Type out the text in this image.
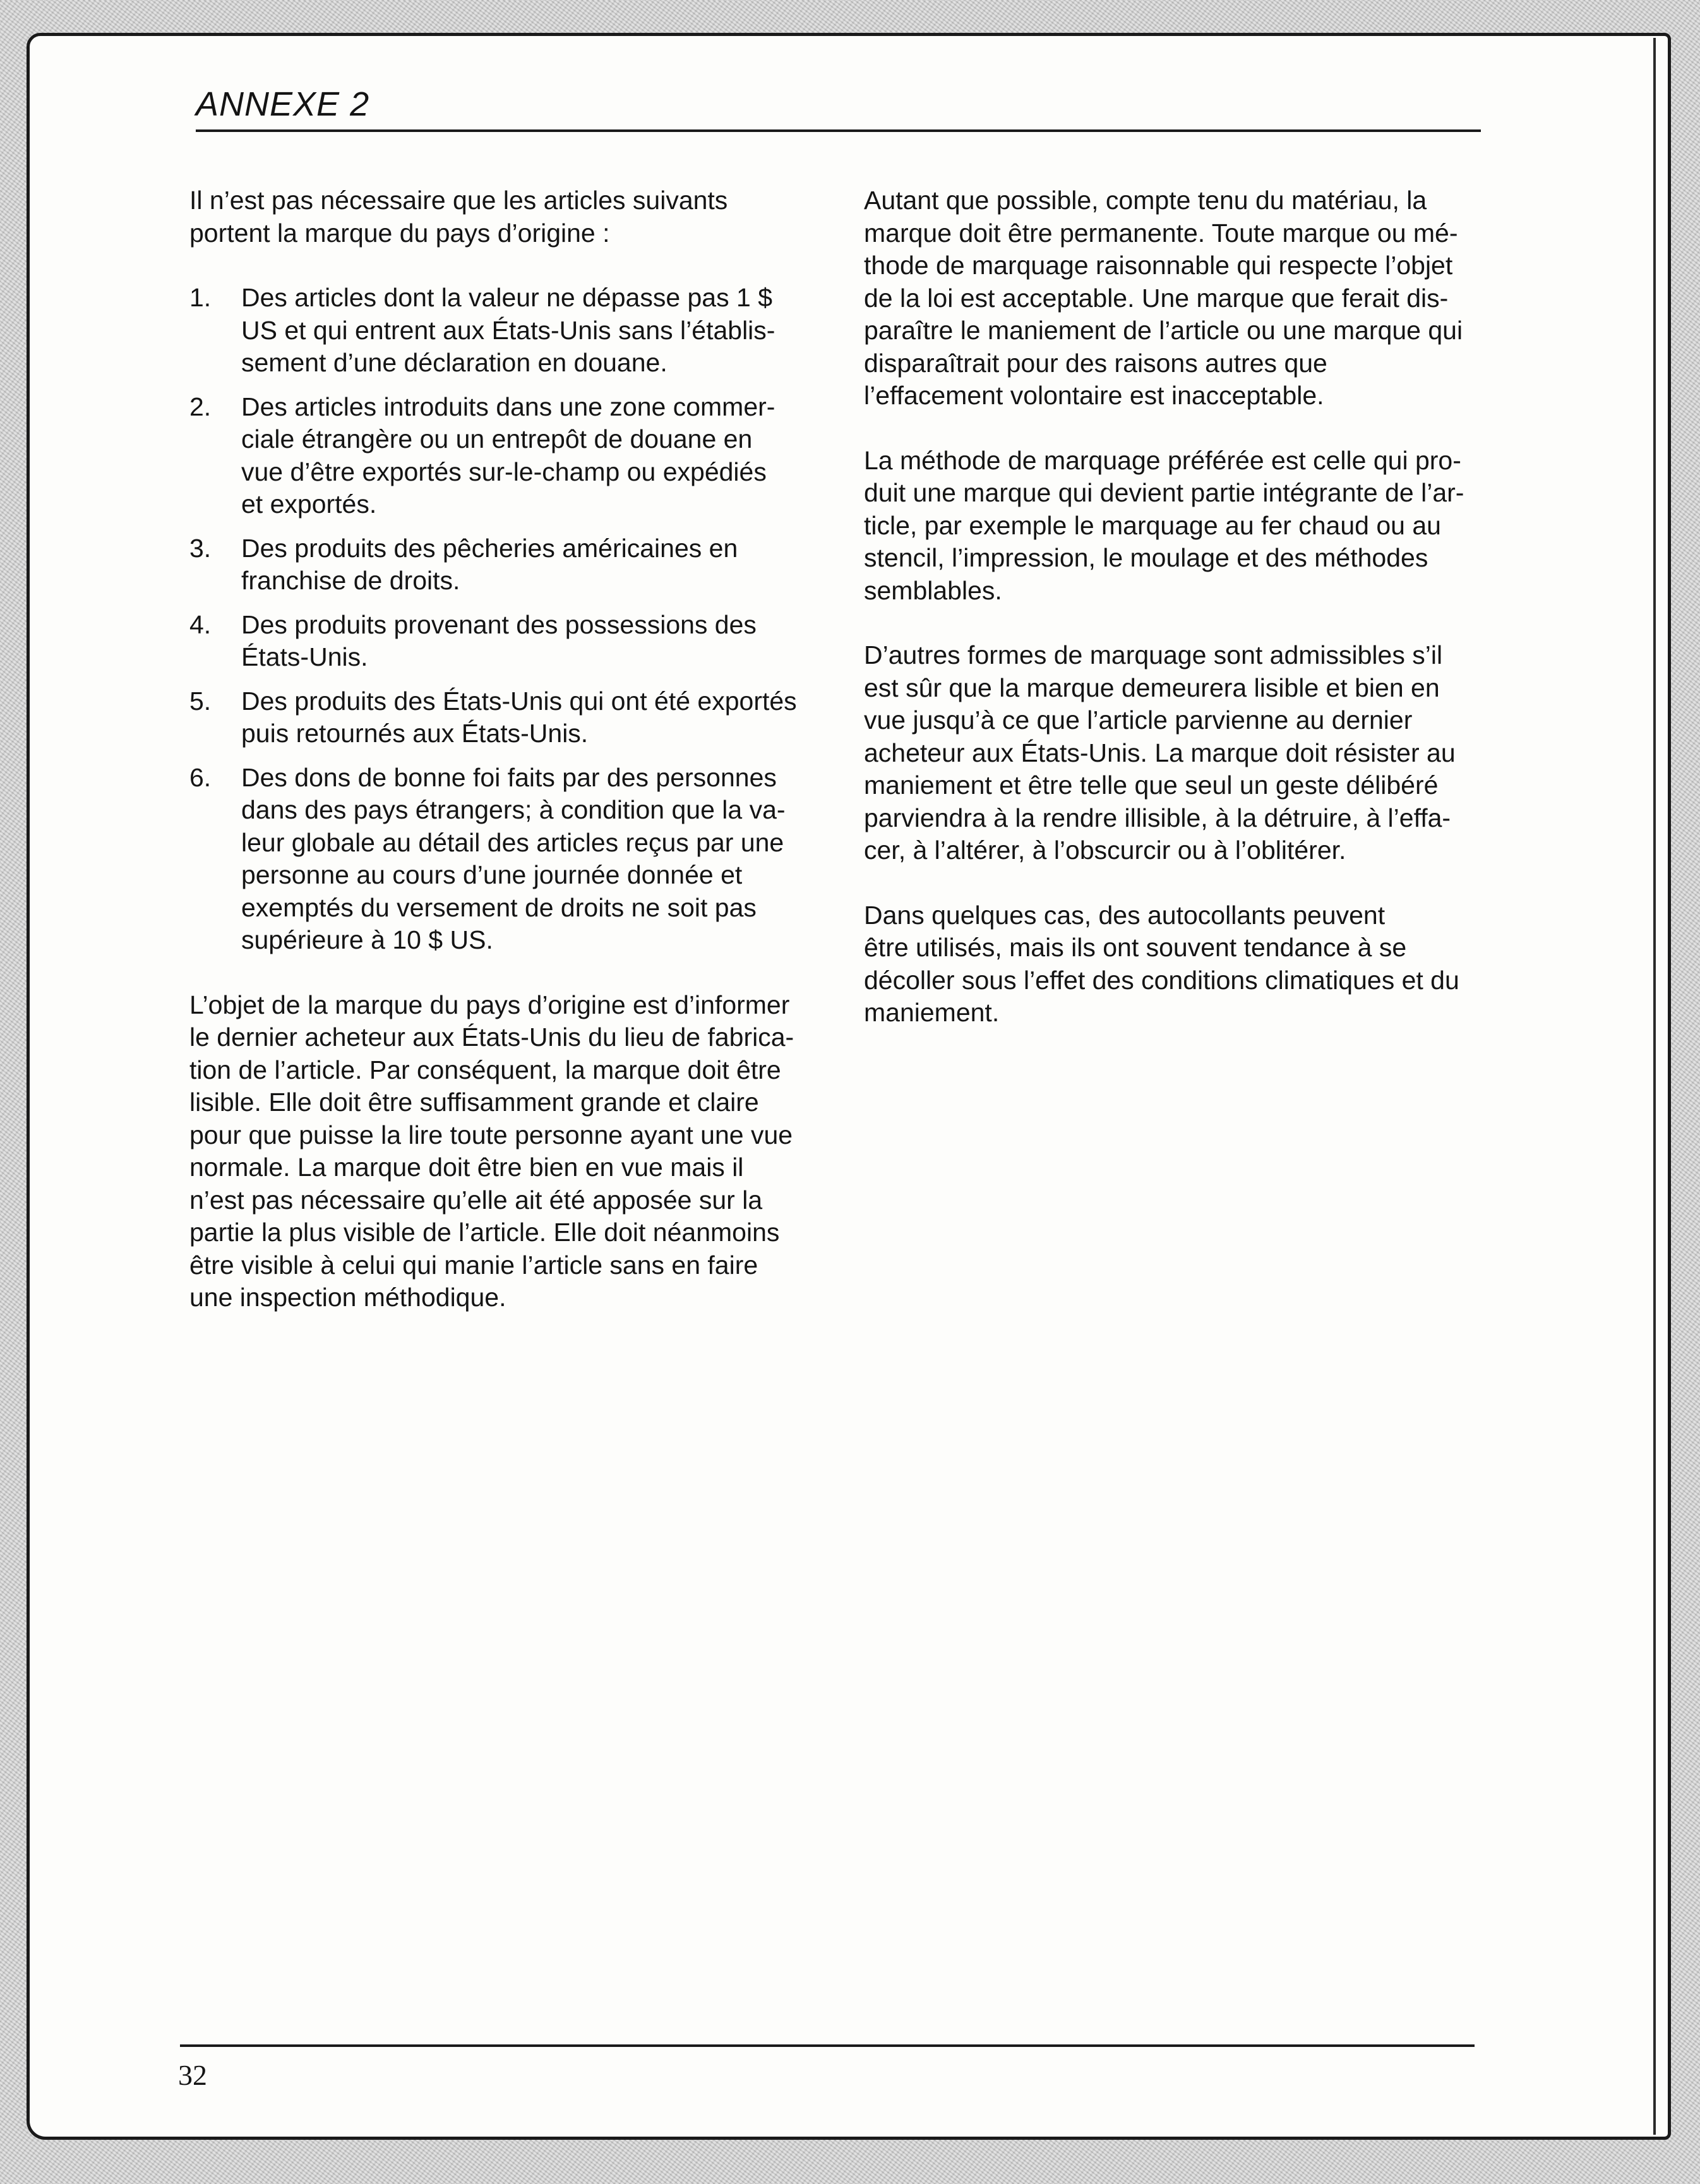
ANNEXE 2

Il n’est pas nécessaire que les articles suivants
portent la marque du pays d’origine :

1.	Des articles dont la valeur ne dépasse pas 1 $
US et qui entrent aux États-Unis sans l’établis-
sement d’une déclaration en douane.
2.	Des articles introduits dans une zone commer-
ciale étrangère ou un entrepôt de douane en
vue d’être exportés sur-le-champ ou expédiés
et exportés.
3.	Des produits des pêcheries américaines en
franchise de droits.
4.	Des produits provenant des possessions des
États-Unis.
5.	Des produits des États-Unis qui ont été exportés
puis retournés aux États-Unis.
6.	Des dons de bonne foi faits par des personnes
dans des pays étrangers; à condition que la va-
leur globale au détail des articles reçus par une
personne au cours d’une journée donnée et
exemptés du versement de droits ne soit pas
supérieure à 10 $ US.

L’objet de la marque du pays d’origine est d’informer
le dernier acheteur aux États-Unis du lieu de fabrica-
tion de l’article. Par conséquent, la marque doit être
lisible. Elle doit être suffisamment grande et claire
pour que puisse la lire toute personne ayant une vue
normale. La marque doit être bien en vue mais il
n’est pas nécessaire qu’elle ait été apposée sur la
partie la plus visible de l’article. Elle doit néanmoins
être visible à celui qui manie l’article sans en faire
une inspection méthodique.

Autant que possible, compte tenu du matériau, la
marque doit être permanente. Toute marque ou mé-
thode de marquage raisonnable qui respecte l’objet
de la loi est acceptable. Une marque que ferait dis-
paraître le maniement de l’article ou une marque qui
disparaîtrait pour des raisons autres que
l’effacement volontaire est inacceptable.

La méthode de marquage préférée est celle qui pro-
duit une marque qui devient partie intégrante de l’ar-
ticle, par exemple le marquage au fer chaud ou au
stencil, l’impression, le moulage et des méthodes
semblables.

D’autres formes de marquage sont admissibles s’il
est sûr que la marque demeurera lisible et bien en
vue jusqu’à ce que l’article parvienne au dernier
acheteur aux États-Unis. La marque doit résister au
maniement et être telle que seul un geste délibéré
parviendra à la rendre illisible, à la détruire, à l’effa-
cer, à l’altérer, à l’obscurcir ou à l’oblitérer.

Dans quelques cas, des autocollants peuvent
être utilisés, mais ils ont souvent tendance à se
décoller sous l’effet des conditions climatiques et du
maniement.

32
